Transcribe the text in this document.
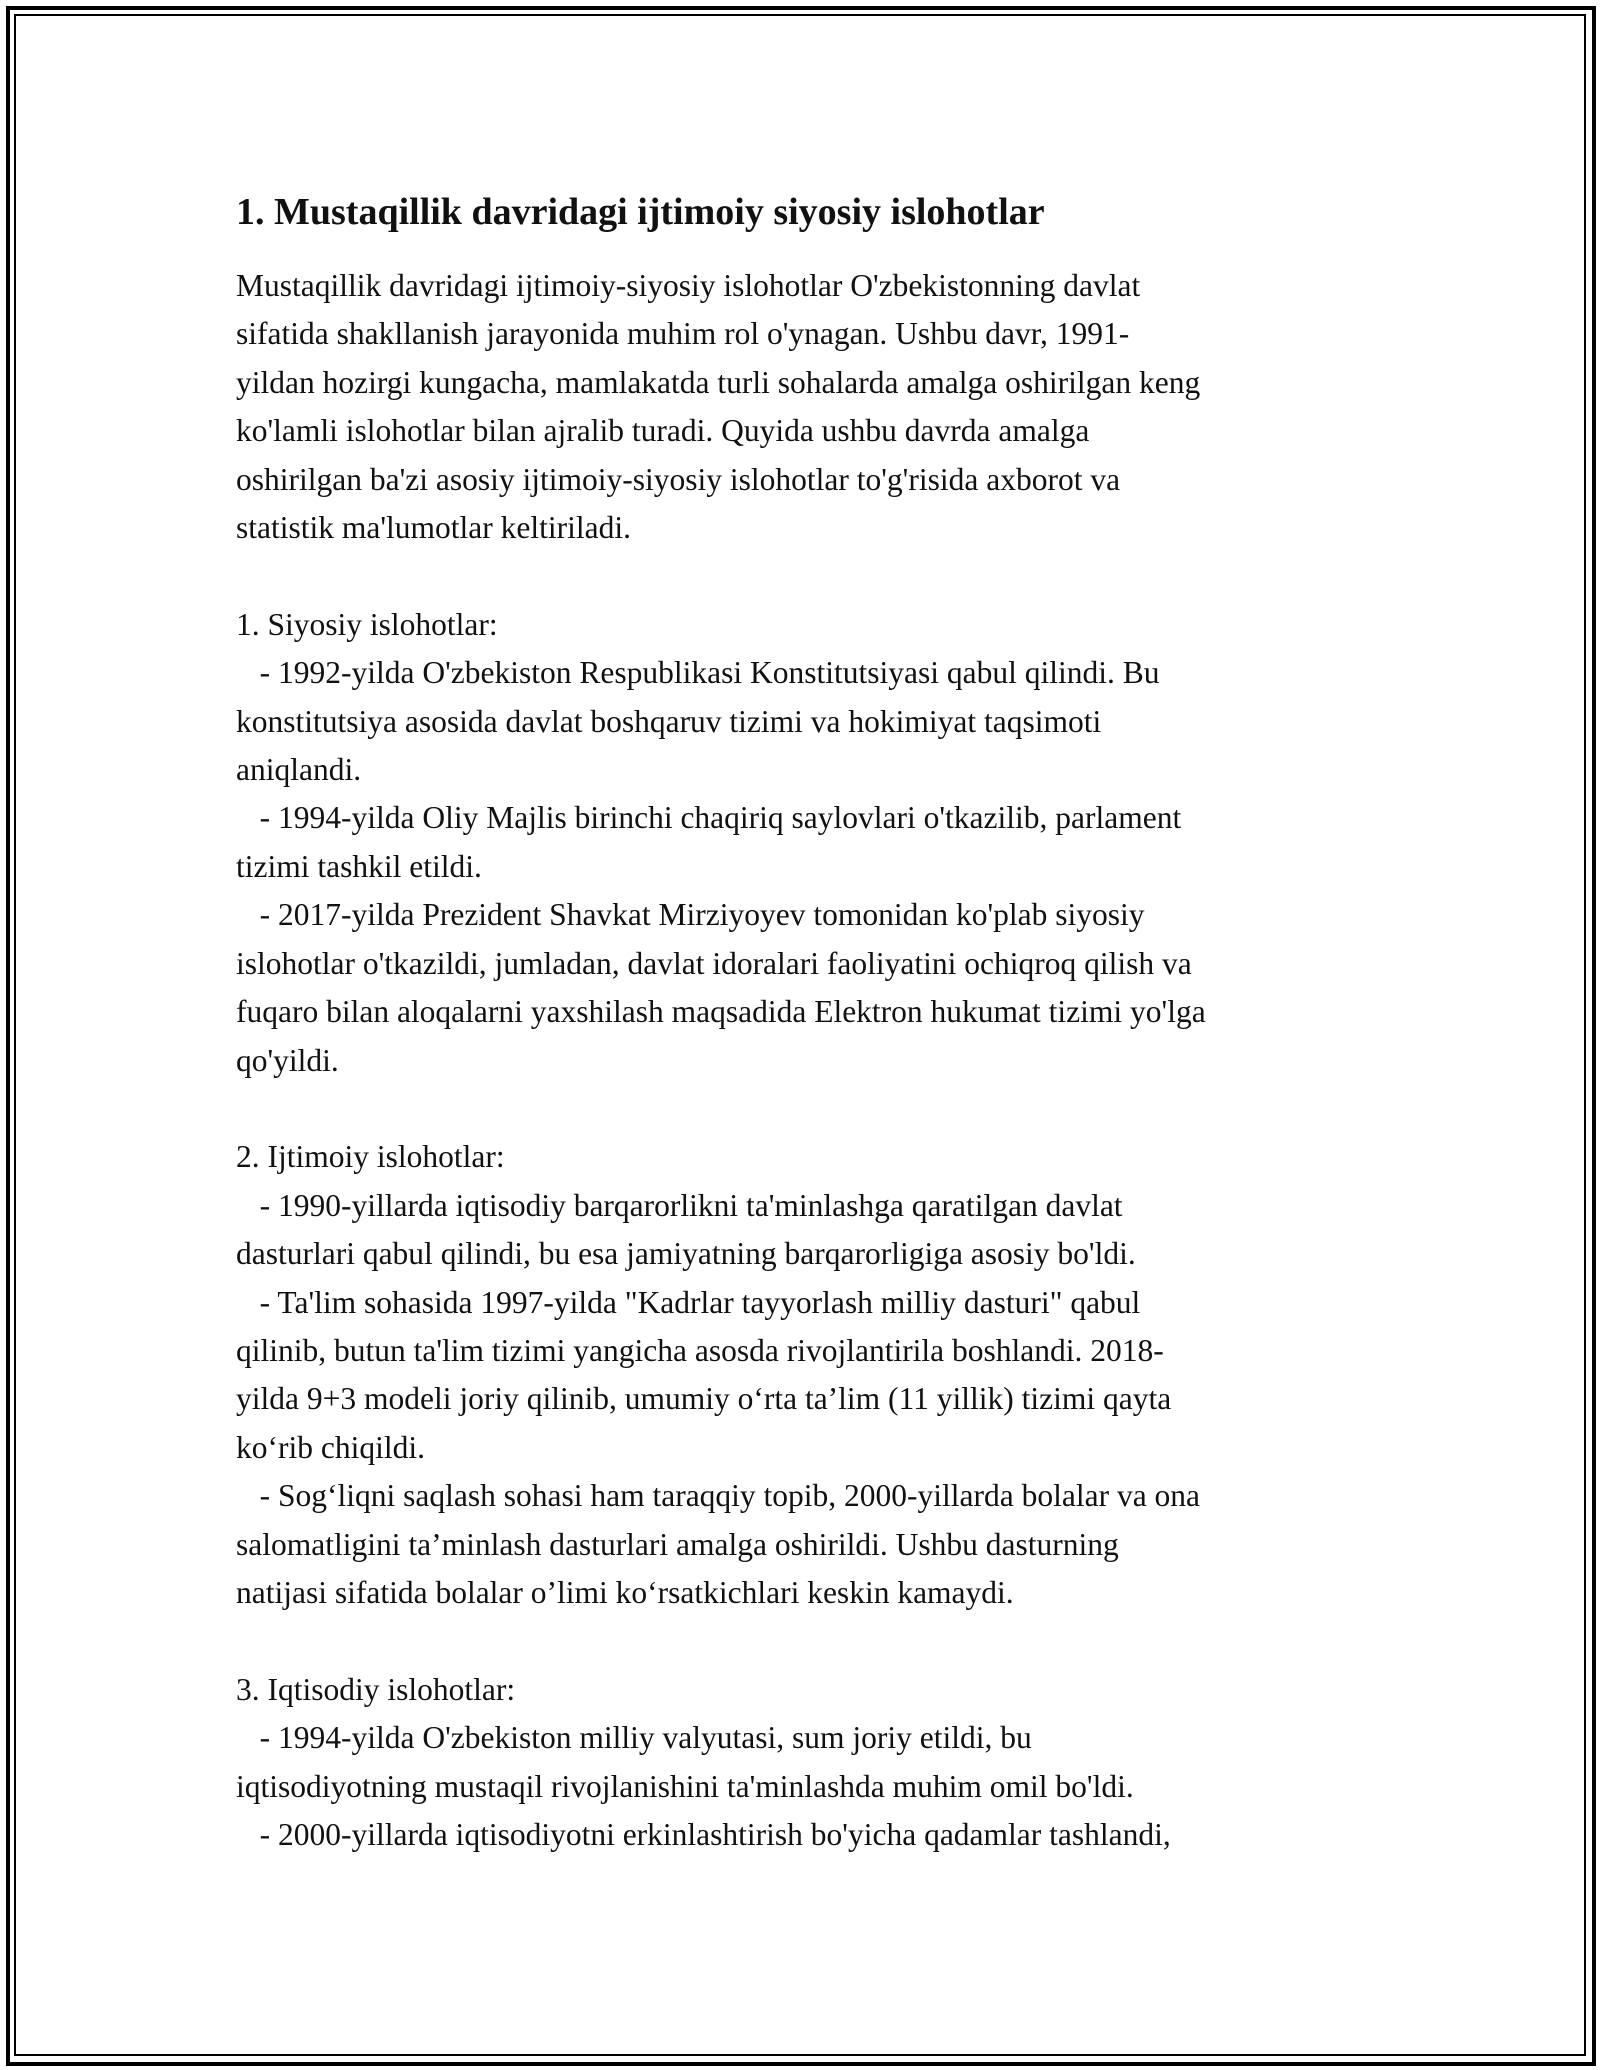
1. Mustaqillik davridagi ijtimoiy siyosiy islohotlar

Mustaqillik davridagi ijtimoiy-siyosiy islohotlar O'zbekistonning davlat
sifatida shakllanish jarayonida muhim rol o'ynagan. Ushbu davr, 1991-
yildan hozirgi kungacha, mamlakatda turli sohalarda amalga oshirilgan keng
ko'lamli islohotlar bilan ajralib turadi. Quyida ushbu davrda amalga
oshirilgan ba'zi asosiy ijtimoiy-siyosiy islohotlar to'g'risida axborot va
statistik ma'lumotlar keltiriladi.

1. Siyosiy islohotlar:
- 1992-yilda O'zbekiston Respublikasi Konstitutsiyasi qabul qilindi. Bu
konstitutsiya asosida davlat boshqaruv tizimi va hokimiyat taqsimoti
aniqlandi.
- 1994-yilda Oliy Majlis birinchi chaqiriq saylovlari o'tkazilib, parlament
tizimi tashkil etildi.
- 2017-yilda Prezident Shavkat Mirziyoyev tomonidan ko'plab siyosiy
islohotlar o'tkazildi, jumladan, davlat idoralari faoliyatini ochiqroq qilish va
fuqaro bilan aloqalarni yaxshilash maqsadida Elektron hukumat tizimi yo'lga
qo'yildi.

2. Ijtimoiy islohotlar:
- 1990-yillarda iqtisodiy barqarorlikni ta'minlashga qaratilgan davlat
dasturlari qabul qilindi, bu esa jamiyatning barqarorligiga asosiy bo'ldi.
- Ta'lim sohasida 1997-yilda "Kadrlar tayyorlash milliy dasturi" qabul
qilinib, butun ta'lim tizimi yangicha asosda rivojlantirila boshlandi. 2018-
yilda 9+3 modeli joriy qilinib, umumiy o‘rta ta’lim (11 yillik) tizimi qayta
ko‘rib chiqildi.
- Sog‘liqni saqlash sohasi ham taraqqiy topib, 2000-yillarda bolalar va ona
salomatligini ta’minlash dasturlari amalga oshirildi. Ushbu dasturning
natijasi sifatida bolalar o’limi ko‘rsatkichlari keskin kamaydi.

3. Iqtisodiy islohotlar:
- 1994-yilda O'zbekiston milliy valyutasi, sum joriy etildi, bu
iqtisodiyotning mustaqil rivojlanishini ta'minlashda muhim omil bo'ldi.
- 2000-yillarda iqtisodiyotni erkinlashtirish bo'yicha qadamlar tashlandi,
